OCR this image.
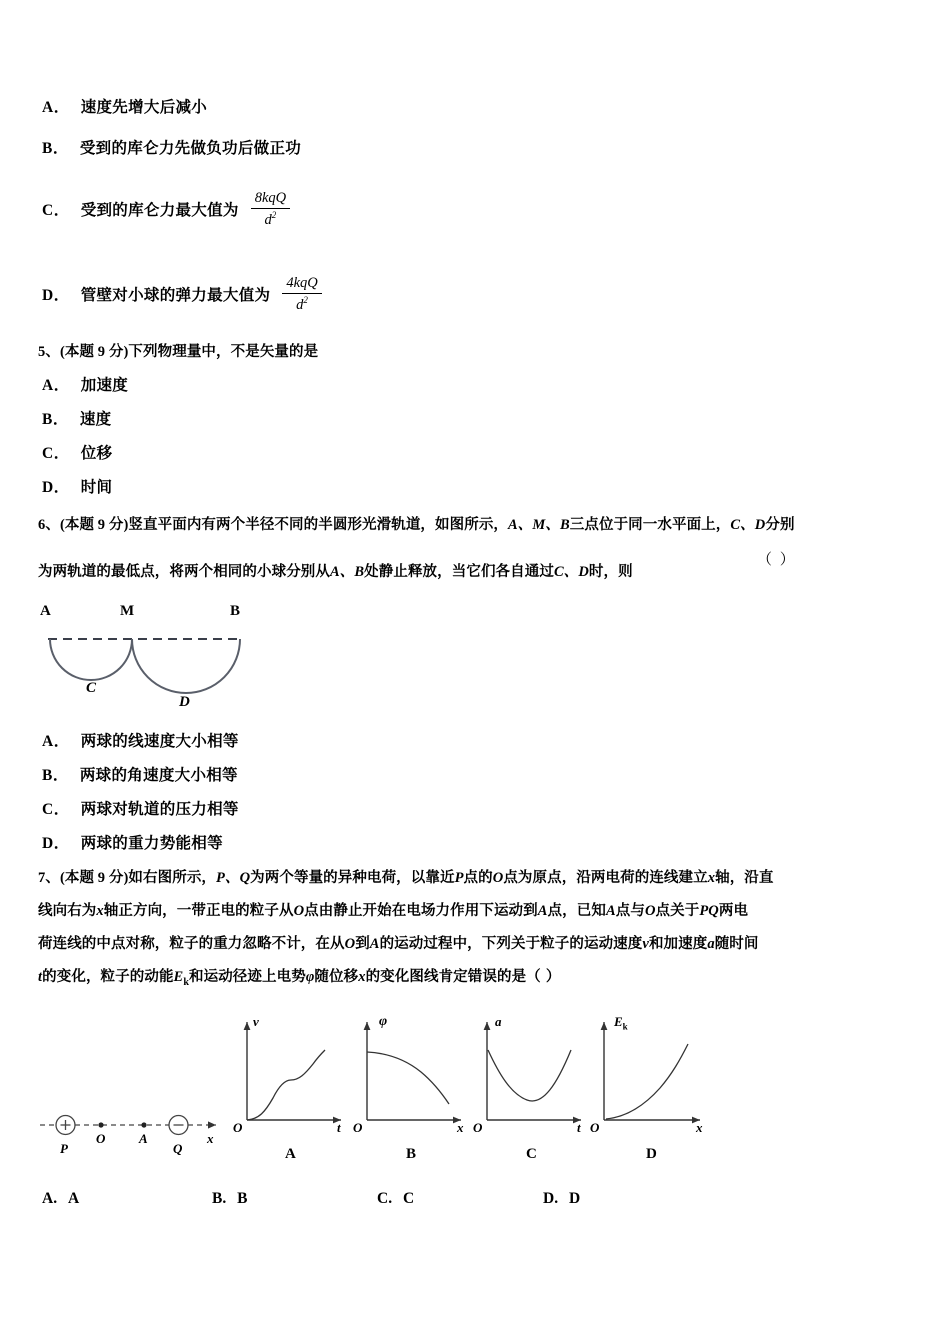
A． 速度先增大后减小
B． 受到的库仑力先做负功后做正功
C． 受到的库仑力最大值为 $\frac{\text{8kqQ}}{d^2}$
D． 管壁对小球的弹力最大值为 $\frac{\text{4kqQ}}{d^2}$
5、(本题 9 分)下列物理量中，不是矢量的是
A． 加速度
B． 速度
C． 位移
D． 时间
6、(本题 9 分)竖直平面内有两个半径不同的半圆形光滑轨道，如图所示，A、M、B三点位于同一水平面上，C、D分别
为两轨道的最低点，将两个相同的小球分别从A、B处静止释放，当它们各自通过C、D时，则
（ ）
A	M	B
C
D
A． 两球的线速度大小相等
B． 两球的角速度大小相等
C． 两球对轨道的压力相等
D． 两球的重力势能相等
7、(本题 9 分)如右图所示，P、Q为两个等量的异种电荷，以靠近P点的O点为原点，沿两电荷的连线建立x轴，沿直
线向右为x轴正方向，一带正电的粒子从O点由静止开始在电场力作用下运动到A点，已知A点与O点关于PQ两电
荷连线的中点对称，粒子的重力忽略不计，在从O到A的运动过程中，下列关于粒子的运动速度v和加速度a随时间
t的变化，粒子的动能$E_k$和运动径迹上电势φ随位移x的变化图线肯定错误的是（ ）
P
O	A
Q
x
v
O	t
A
φ
O	x
B
a
O	t
C
$E_k$
O	x
D
A. A	B. B	C. C	D. D
